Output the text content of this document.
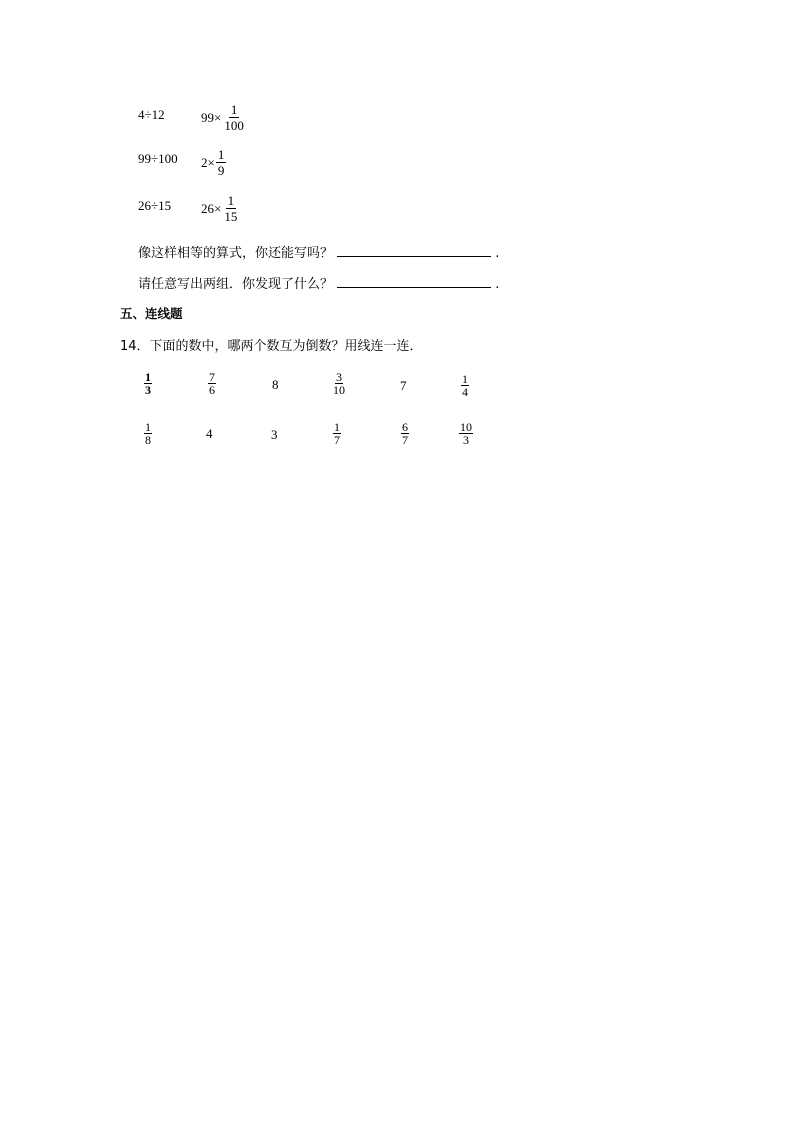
4÷12	$99\times \frac{1}{100}$
99÷100 $2\times \frac{1}{9}$
26÷15 $26\times \frac{1}{15}$
像这样相等的算式，你还能写吗？	.
请任意写出两组．你发现了什么？	.
五、连线题
14．下面的数中，哪两个数互为倒数？用线连一连．
$\frac{1}{3}$	$\frac{7}{6}$	8	$\frac{3}{10}$	7	$\frac{1}{4}$
$\frac{1}{8}$	4	3	$\frac{1}{7}$	$\frac{6}{7}$	$\frac{10}{3}$
